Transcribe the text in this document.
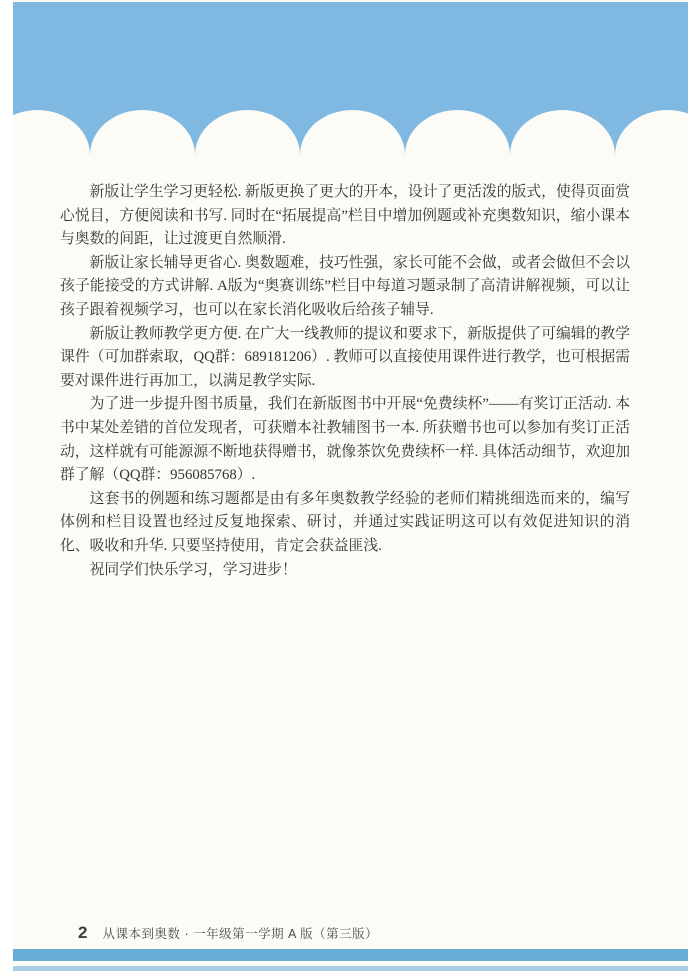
新版让学生学习更轻松. 新版更换了更大的开本，设计了更活泼的版式，使得页面赏心悦目，方便阅读和书写. 同时在“拓展提高”栏目中增加例题或补充奥数知识，缩小课本与奥数的间距，让过渡更自然顺滑.

新版让家长辅导更省心. 奥数题难，技巧性强，家长可能不会做，或者会做但不会以孩子能接受的方式讲解. A版为“奥赛训练”栏目中每道习题录制了高清讲解视频，可以让孩子跟着视频学习，也可以在家长消化吸收后给孩子辅导.

新版让教师教学更方便. 在广大一线教师的提议和要求下，新版提供了可编辑的教学课件（可加群索取，QQ群：689181206）. 教师可以直接使用课件进行教学，也可根据需要对课件进行再加工，以满足教学实际.

为了进一步提升图书质量，我们在新版图书中开展“免费续杯”——有奖订正活动. 本书中某处差错的首位发现者，可获赠本社教辅图书一本. 所获赠书也可以参加有奖订正活动，这样就有可能源源不断地获得赠书，就像茶饮免费续杯一样. 具体活动细节，欢迎加群了解（QQ群：956085768）.

这套书的例题和练习题都是由有多年奥数教学经验的老师们精挑细选而来的，编写体例和栏目设置也经过反复地探索、研讨，并通过实践证明这可以有效促进知识的消化、吸收和升华. 只要坚持使用，肯定会获益匪浅.

祝同学们快乐学习，学习进步！

2 从课本到奥数 · 一年级第一学期 A 版（第三版）
